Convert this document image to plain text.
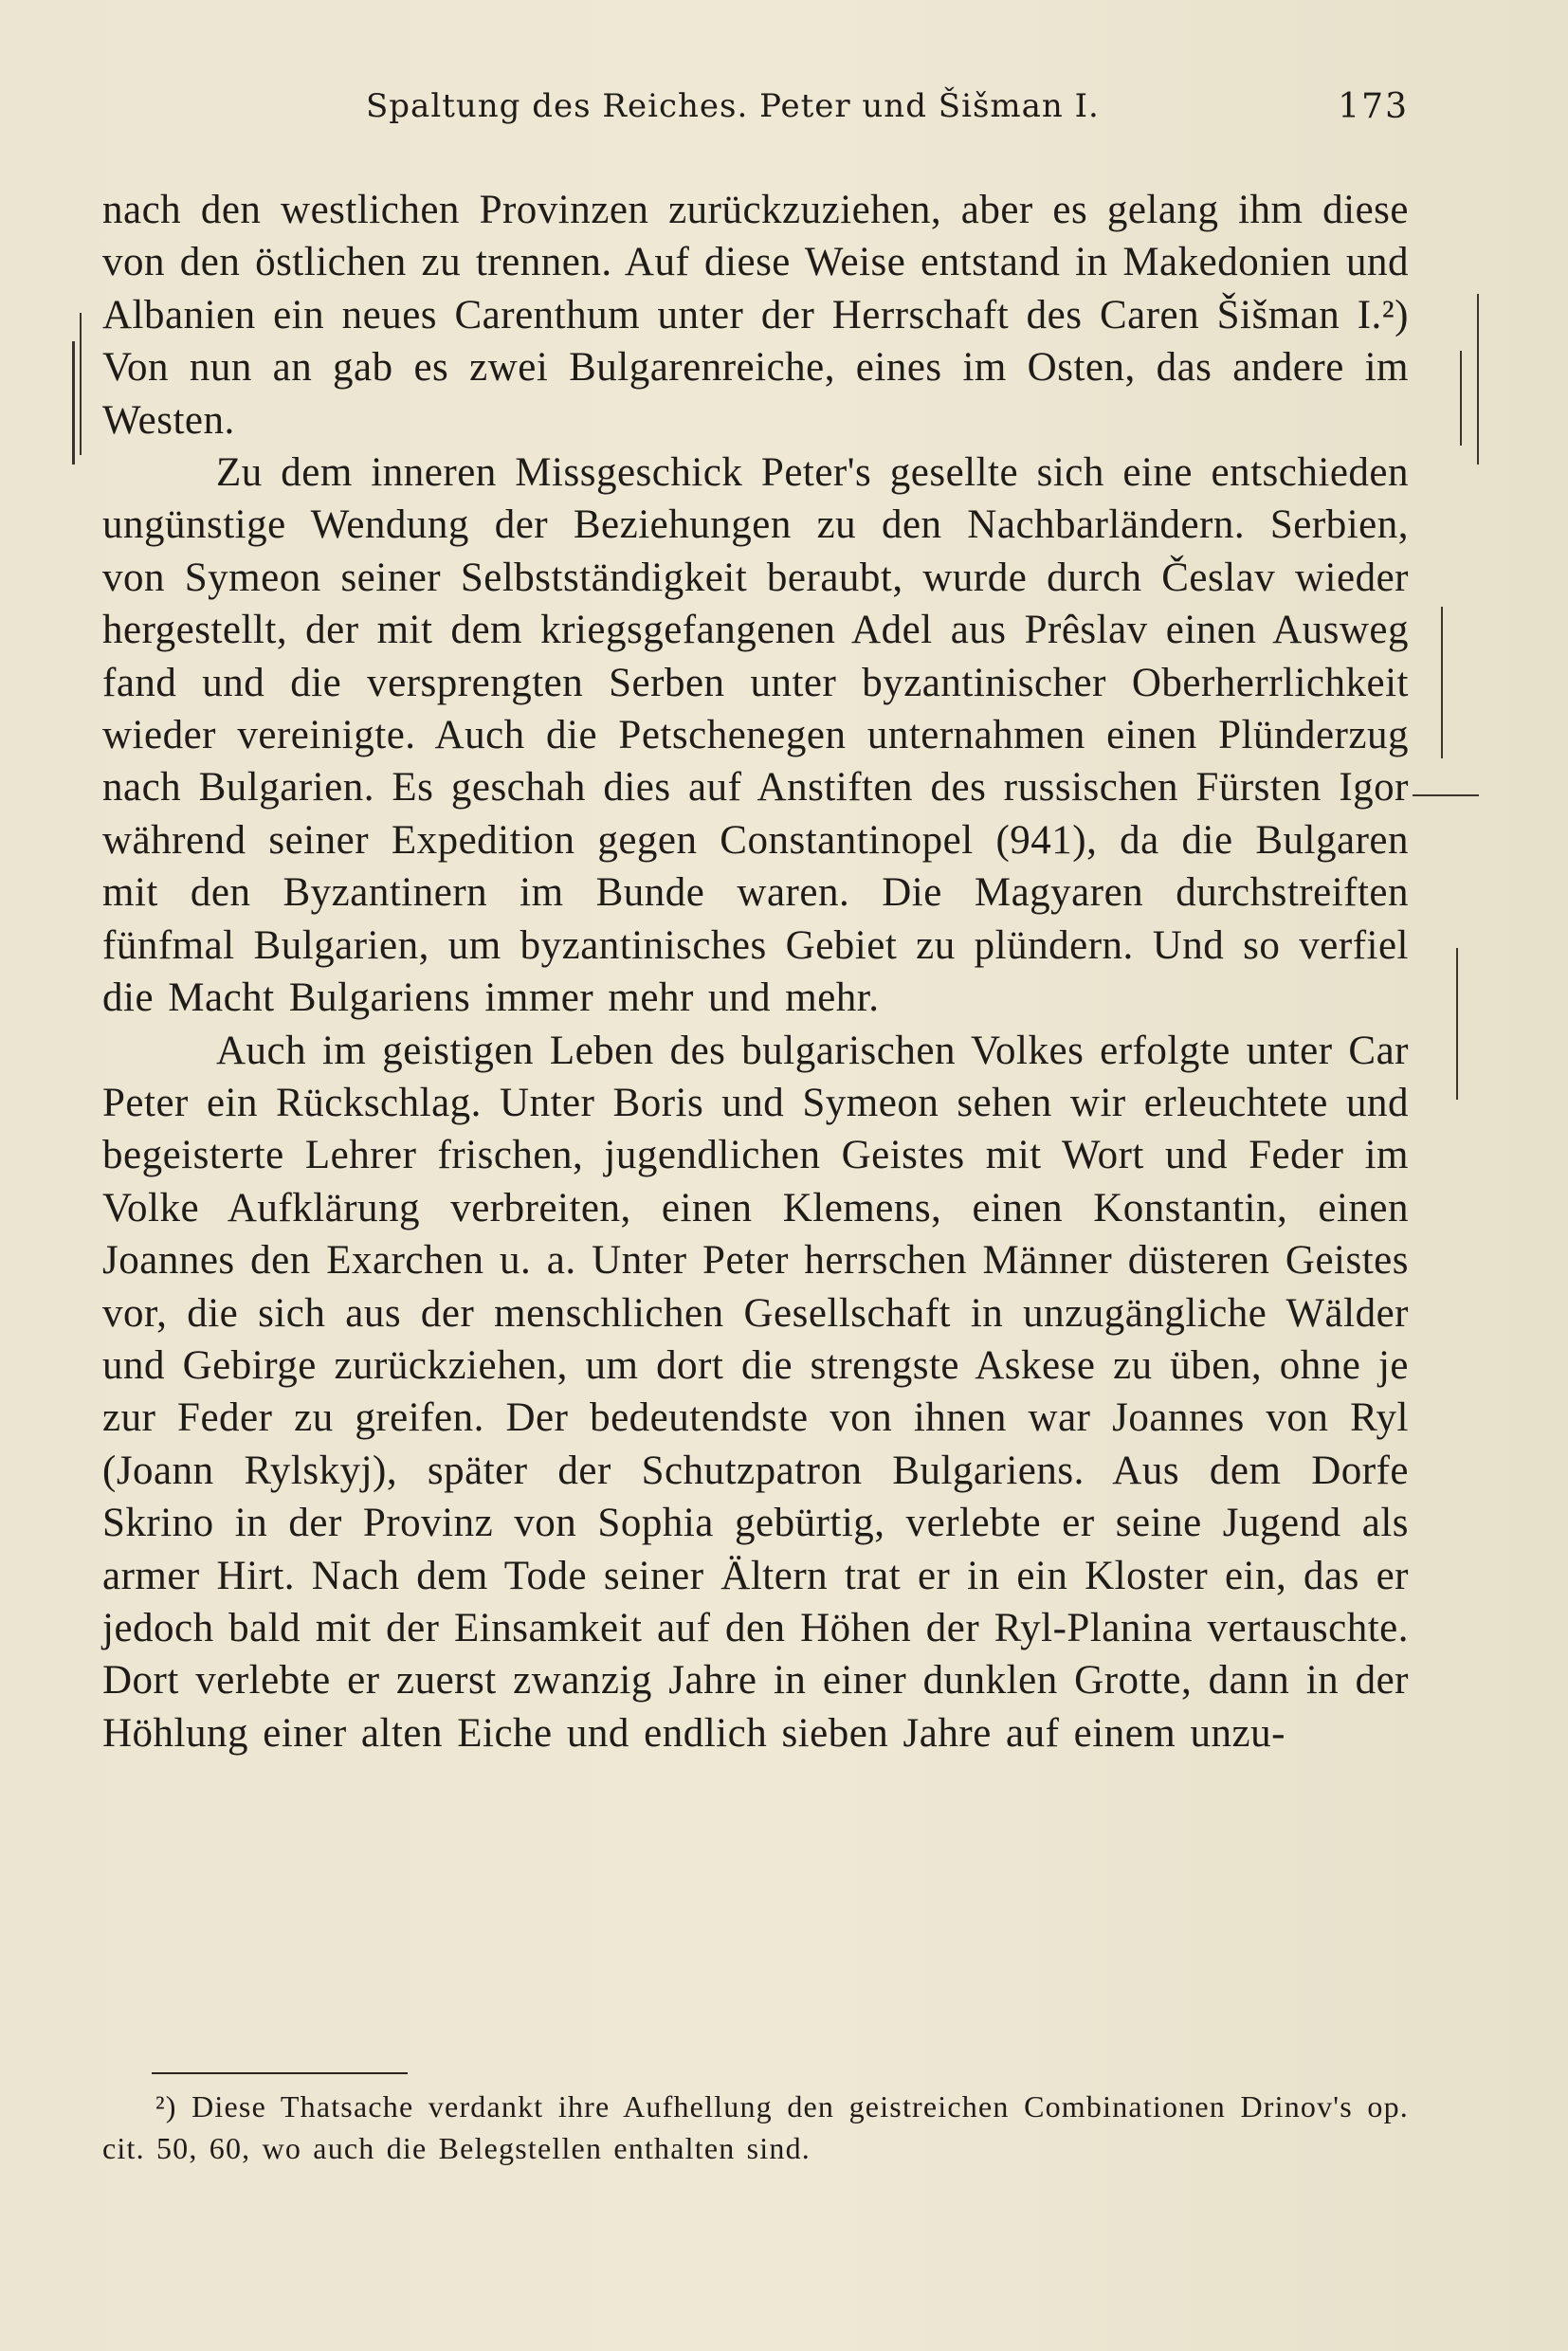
Spaltung des Reiches. Peter und Šišman I.	173

nach den westlichen Provinzen zurückzuziehen, aber es gelang ihm diese von den östlichen zu trennen. Auf diese Weise entstand in Makedonien und Albanien ein neues Carenthum unter der Herrschaft des Caren Šišman I.²) Von nun an gab es zwei Bulgarenreiche, eines im Osten, das andere im Westen.

Zu dem inneren Missgeschick Peter's gesellte sich eine entschieden ungünstige Wendung der Beziehungen zu den Nachbarländern. Serbien, von Symeon seiner Selbstständigkeit beraubt, wurde durch Česlav wieder hergestellt, der mit dem kriegsgefangenen Adel aus Prêslav einen Ausweg fand und die versprengten Serben unter byzantinischer Oberherrlichkeit wieder vereinigte. Auch die Petschenegen unternahmen einen Plünderzug nach Bulgarien. Es geschah dies auf Anstiften des russischen Fürsten Igor während seiner Expedition gegen Constantinopel (941), da die Bulgaren mit den Byzantinern im Bunde waren. Die Magyaren durchstreiften fünfmal Bulgarien, um byzantinisches Gebiet zu plündern. Und so verfiel die Macht Bulgariens immer mehr und mehr.

Auch im geistigen Leben des bulgarischen Volkes erfolgte unter Car Peter ein Rückschlag. Unter Boris und Symeon sehen wir erleuchtete und begeisterte Lehrer frischen, jugendlichen Geistes mit Wort und Feder im Volke Aufklärung verbreiten, einen Klemens, einen Konstantin, einen Joannes den Exarchen u. a. Unter Peter herrschen Männer düsteren Geistes vor, die sich aus der menschlichen Gesellschaft in unzugängliche Wälder und Gebirge zurückziehen, um dort die strengste Askese zu üben, ohne je zur Feder zu greifen. Der bedeutendste von ihnen war Joannes von Ryl (Joann Rylskyj), später der Schutzpatron Bulgariens. Aus dem Dorfe Skrino in der Provinz von Sophia gebürtig, verlebte er seine Jugend als armer Hirt. Nach dem Tode seiner Ältern trat er in ein Kloster ein, das er jedoch bald mit der Einsamkeit auf den Höhen der Ryl-Planina vertauschte. Dort verlebte er zuerst zwanzig Jahre in einer dunklen Grotte, dann in der Höhlung einer alten Eiche und endlich sieben Jahre auf einem unzu-

²) Diese Thatsache verdankt ihre Aufhellung den geistreichen Combinationen Drinov's op. cit. 50, 60, wo auch die Belegstellen enthalten sind.
